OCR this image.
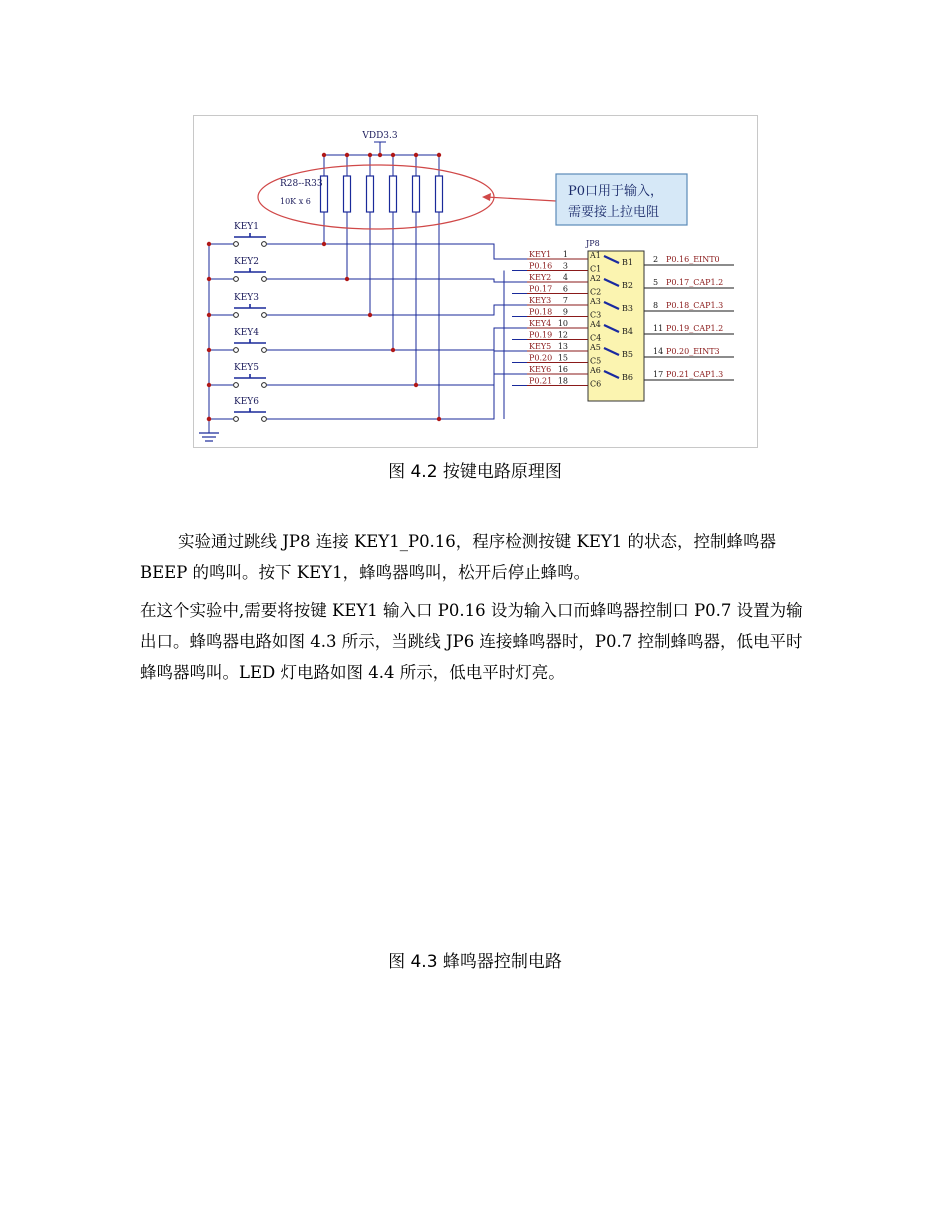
VDD3.3
R28--R33
10K x 6
P0口用于输入，
需要接上拉电阻
KEY1
KEY2
KEY3
KEY4
KEY5
KEY6
JP8
KEY1 1
P0.16 3
KEY2 4
P0.17 6
KEY3 7
P0.18 9
KEY4 10
P0.19 12
KEY5 13
P0.20 15
KEY6 16
P0.21 18
A1
C1
B1
A2
C2
B2
A3
C3
B3
A4
C4
B4
A5
C5
B5
A6
C6
B6
2 P0.16_EINT0
5 P0.17_CAP1.2
8 P0.18_CAP1.3
11 P0.19_CAP1.2
14 P0.20_EINT3
17 P0.21_CAP1.3
图 4.2 按键电路原理图

实验通过跳线 JP8 连接 KEY1_P0.16，程序检测按键 KEY1 的状态，控制蜂鸣器 BEEP 的鸣叫。按下 KEY1，蜂鸣器鸣叫，松开后停止蜂鸣。

在这个实验中,需要将按键 KEY1 输入口 P0.16 设为输入口而蜂鸣器控制口 P0.7 设置为输出口。蜂鸣器电路如图 4.3 所示，当跳线 JP6 连接蜂鸣器时，P0.7 控制蜂鸣器，低电平时蜂鸣器鸣叫。LED 灯电路如图 4.4 所示，低电平时灯亮。

图 4.3 蜂鸣器控制电路
